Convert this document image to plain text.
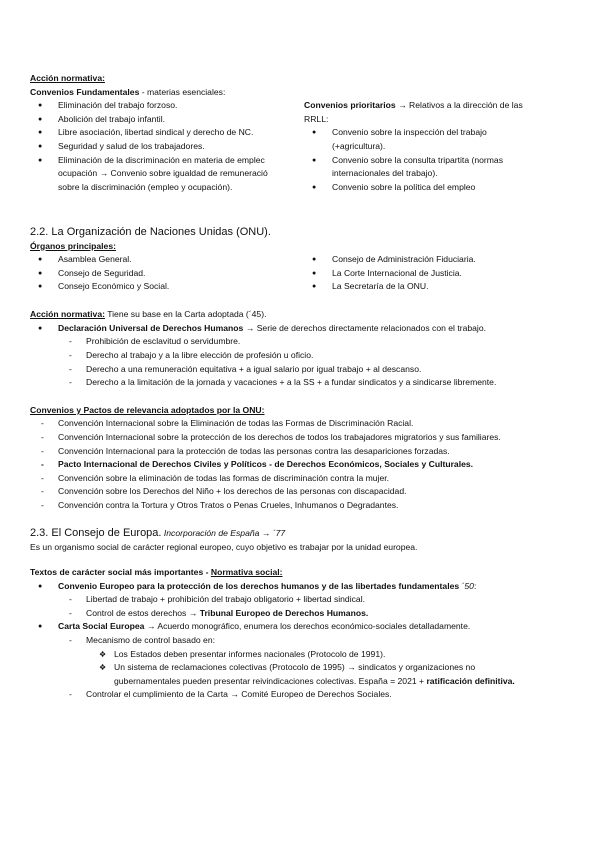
Acción normativa:
Convenios Fundamentales - materias esenciales:
● Eliminación del trabajo forzoso.
● Abolición del trabajo infantil.
● Libre asociación, libertad sindical y derecho de NC.
● Seguridad y salud de los trabajadores.
● Eliminación de la discriminación en materia de emplec
ocupación → Convenio sobre igualdad de remuneració
sobre la discriminación (empleo y ocupación).
Convenios prioritarios → Relativos a la dirección de las
RRLL:
● Convenio sobre la inspección del trabajo
(+agricultura).
● Convenio sobre la consulta tripartita (normas
internacionales del trabajo).
● Convenio sobre la política del empleo
2.2. La Organización de Naciones Unidas (ONU).
Órganos principales:
● Asamblea General.
● Consejo de Seguridad.
● Consejo Económico y Social.
● Consejo de Administración Fiduciaria.
● La Corte Internacional de Justicia.
● La Secretaría de la ONU.
Acción normativa: Tiene su base en la Carta adoptada (´45).
● Declaración Universal de Derechos Humanos → Serie de derechos directamente relacionados con el trabajo.
- Prohibición de esclavitud o servidumbre.
- Derecho al trabajo y a la libre elección de profesión u oficio.
- Derecho a una remuneración equitativa + a igual salario por igual trabajo + al descanso.
- Derecho a la limitación de la jornada y vacaciones + a la SS + a fundar sindicatos y a sindicarse libremente.
Convenios y Pactos de relevancia adoptados por la ONU:
- Convención Internacional sobre la Eliminación de todas las Formas de Discriminación Racial.
- Convención Internacional sobre la protección de los derechos de todos los trabajadores migratorios y sus familiares.
- Convención Internacional para la protección de todas las personas contra las desapariciones forzadas.
- Pacto Internacional de Derechos Civiles y Políticos - de Derechos Económicos, Sociales y Culturales.
- Convención sobre la eliminación de todas las formas de discriminación contra la mujer.
- Convención sobre los Derechos del Niño + los derechos de las personas con discapacidad.
- Convención contra la Tortura y Otros Tratos o Penas Crueles, Inhumanos o Degradantes.
2.3. El Consejo de Europa. Incorporación de España → ´77
Es un organismo social de carácter regional europeo, cuyo objetivo es trabajar por la unidad europea.
Textos de carácter social más importantes - Normativa social:
● Convenio Europeo para la protección de los derechos humanos y de las libertades fundamentales ´50:
- Libertad de trabajo + prohibición del trabajo obligatorio + libertad sindical.
- Control de estos derechos → Tribunal Europeo de Derechos Humanos.
● Carta Social Europea → Acuerdo monográfico, enumera los derechos económico-sociales detalladamente.
- Mecanismo de control basado en:
❖ Los Estados deben presentar informes nacionales (Protocolo de 1991).
❖ Un sistema de reclamaciones colectivas (Protocolo de 1995) → sindicatos y organizaciones no
gubernamentales pueden presentar reivindicaciones colectivas. España = 2021 + ratificación definitiva.
- Controlar el cumplimiento de la Carta → Comité Europeo de Derechos Sociales.
